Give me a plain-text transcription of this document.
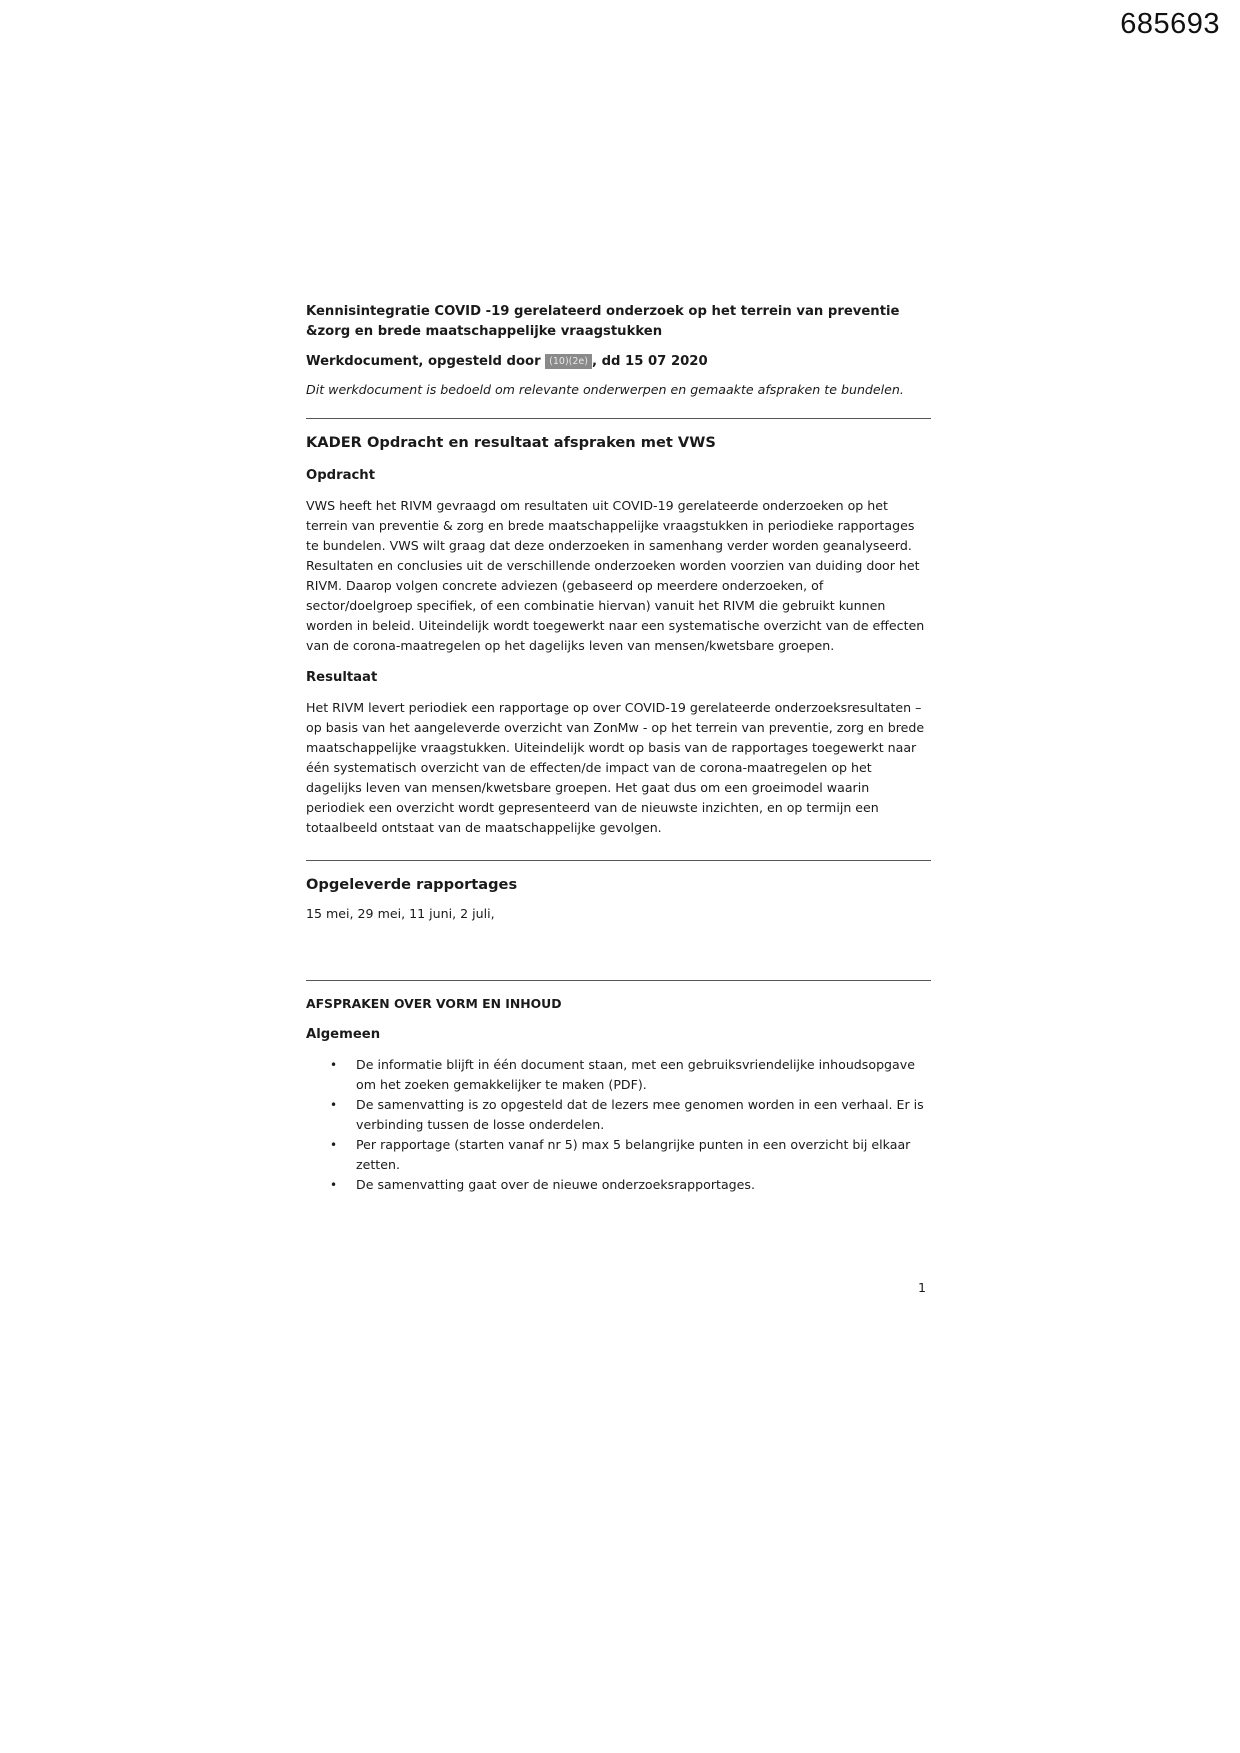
685693
Kennisintegratie COVID -19 gerelateerd onderzoek op het terrein van preventie &zorg en brede maatschappelijke vraagstukken
Werkdocument, opgesteld door (10)(2e) , dd 15 07 2020
Dit werkdocument is bedoeld om relevante onderwerpen en gemaakte afspraken te bundelen.
KADER Opdracht en resultaat afspraken met VWS
Opdracht
VWS heeft het RIVM gevraagd om resultaten uit COVID-19 gerelateerde onderzoeken op het terrein van preventie & zorg en brede maatschappelijke vraagstukken in periodieke rapportages te bundelen. VWS wilt graag dat deze onderzoeken in samenhang verder worden geanalyseerd. Resultaten en conclusies uit de verschillende onderzoeken worden voorzien van duiding door het RIVM. Daarop volgen concrete adviezen (gebaseerd op meerdere onderzoeken, of sector/doelgroep specifiek, of een combinatie hiervan) vanuit het RIVM die gebruikt kunnen worden in beleid. Uiteindelijk wordt toegewerkt naar een systematische overzicht van de effecten van de corona-maatregelen op het dagelijks leven van mensen/kwetsbare groepen.
Resultaat
Het RIVM levert periodiek een rapportage op over COVID-19 gerelateerde onderzoeksresultaten – op basis van het aangeleverde overzicht van ZonMw - op het terrein van preventie, zorg en brede maatschappelijke vraagstukken. Uiteindelijk wordt op basis van de rapportages toegewerkt naar één systematisch overzicht van de effecten/de impact van de corona-maatregelen op het dagelijks leven van mensen/kwetsbare groepen. Het gaat dus om een groeimodel waarin periodiek een overzicht wordt gepresenteerd van de nieuwste inzichten, en op termijn een totaalbeeld ontstaat van de maatschappelijke gevolgen.
Opgeleverde rapportages
15 mei, 29 mei, 11 juni, 2 juli,
AFSPRAKEN OVER VORM EN INHOUD
Algemeen
• De informatie blijft in één document staan, met een gebruiksvriendelijke inhoudsopgave om het zoeken gemakkelijker te maken (PDF).
• De samenvatting is zo opgesteld dat de lezers mee genomen worden in een verhaal. Er is verbinding tussen de losse onderdelen.
• Per rapportage (starten vanaf nr 5) max 5 belangrijke punten in een overzicht bij elkaar zetten.
• De samenvatting gaat over de nieuwe onderzoeksrapportages.
1
